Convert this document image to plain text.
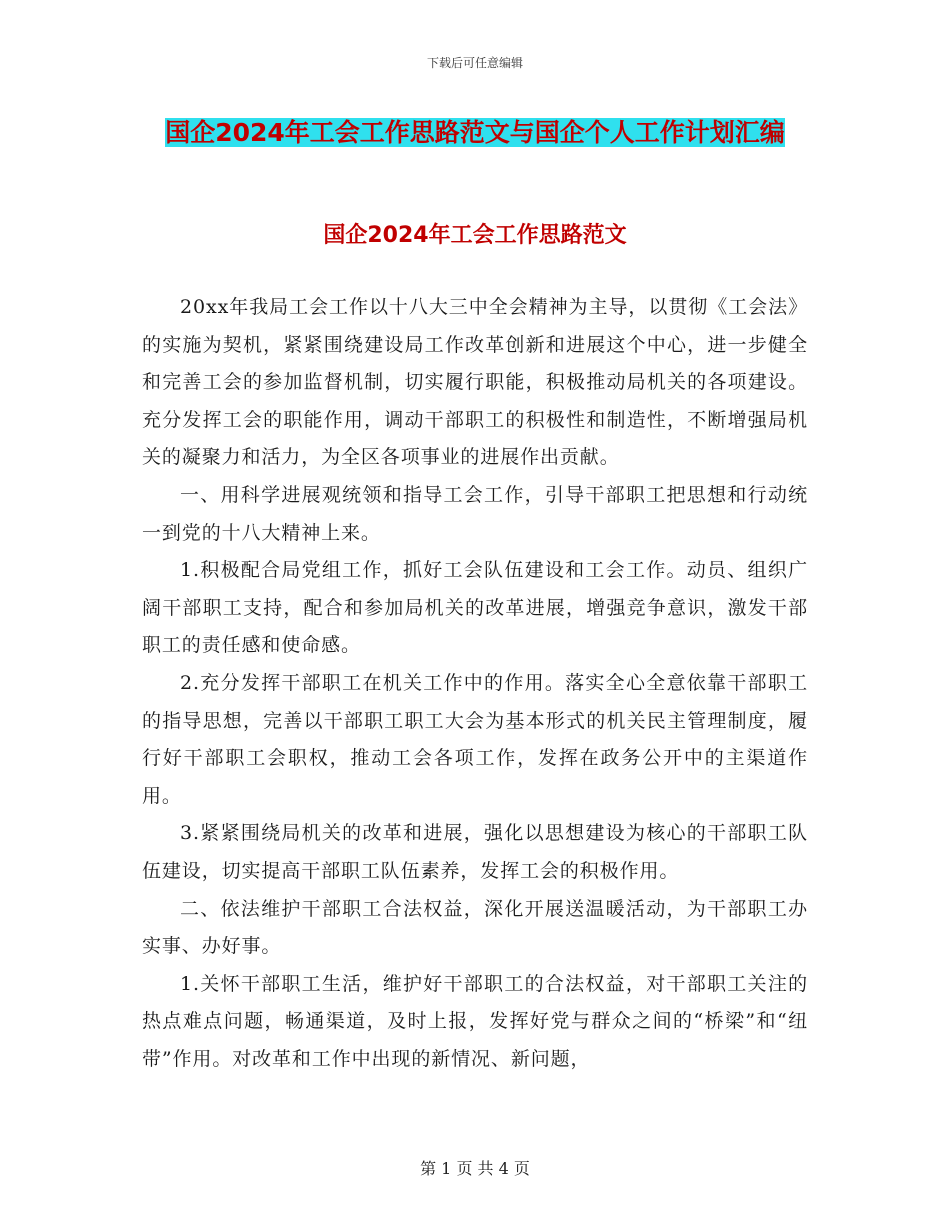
下载后可任意编辑
国企2024年工会工作思路范文与国企个人工作计划汇编
国企2024年工会工作思路范文

20xx年我局工会工作以十八大三中全会精神为主导，以贯彻《工会法》的实施为契机，紧紧围绕建设局工作改革创新和进展这个中心，进一步健全和完善工会的参加监督机制，切实履行职能，积极推动局机关的各项建设。充分发挥工会的职能作用，调动干部职工的积极性和制造性，不断增强局机关的凝聚力和活力，为全区各项事业的进展作出贡献。

一、用科学进展观统领和指导工会工作，引导干部职工把思想和行动统一到党的十八大精神上来。

1.积极配合局党组工作，抓好工会队伍建设和工会工作。动员、组织广阔干部职工支持，配合和参加局机关的改革进展，增强竞争意识，激发干部职工的责任感和使命感。

2.充分发挥干部职工在机关工作中的作用。落实全心全意依靠干部职工的指导思想，完善以干部职工职工大会为基本形式的机关民主管理制度，履行好干部职工会职权，推动工会各项工作，发挥在政务公开中的主渠道作用。

3.紧紧围绕局机关的改革和进展，强化以思想建设为核心的干部职工队伍建设，切实提高干部职工队伍素养，发挥工会的积极作用。

二、依法维护干部职工合法权益，深化开展送温暖活动，为干部职工办实事、办好事。

1.关怀干部职工生活，维护好干部职工的合法权益，对干部职工关注的热点难点问题，畅通渠道，及时上报，发挥好党与群众之间的“桥梁”和“纽带”作用。对改革和工作中出现的新情况、新问题，

第 1 页 共 4 页
